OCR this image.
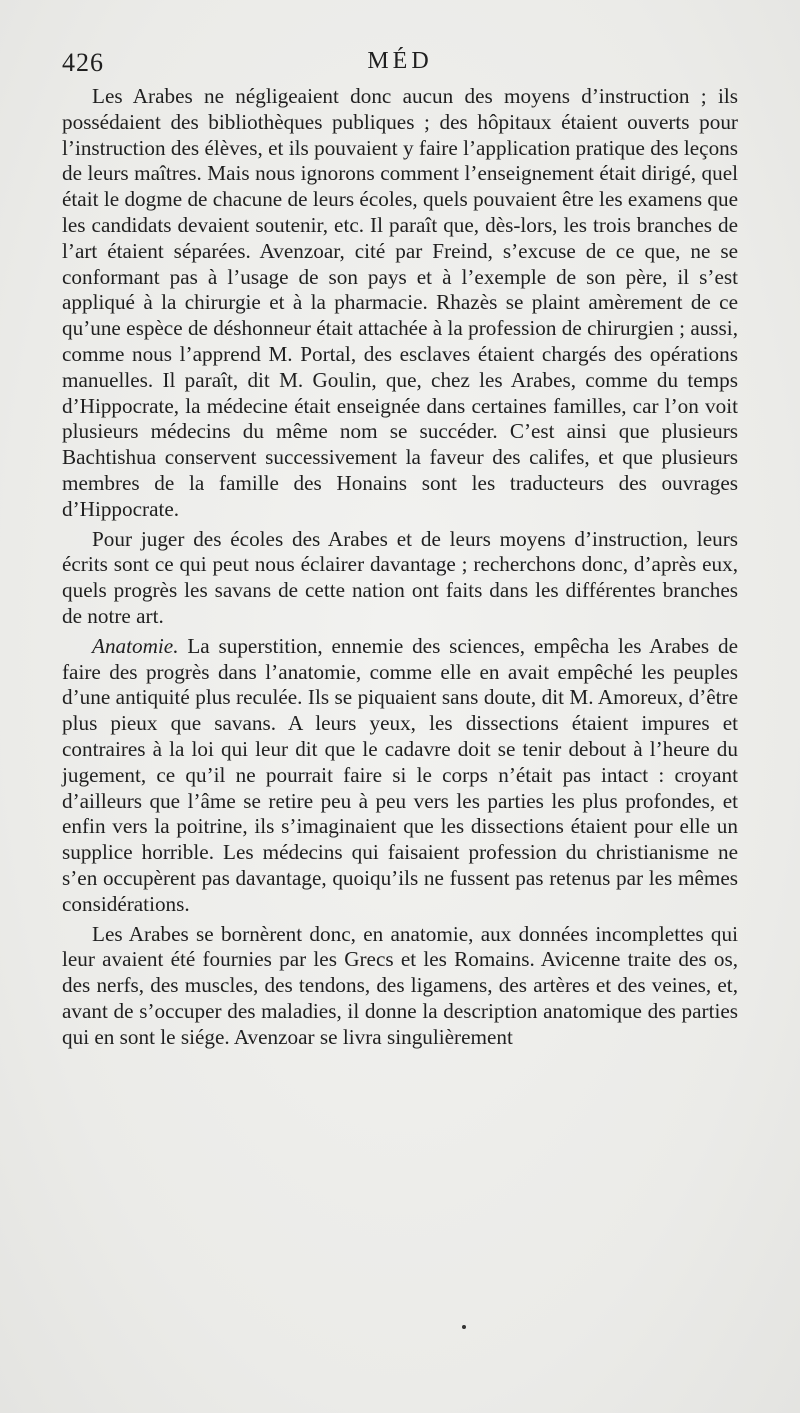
426	MÉD

Les Arabes ne négligeaient donc aucun des moyens d’instruction ; ils possédaient des bibliothèques publiques ; des hôpitaux étaient ouverts pour l’instruction des élèves, et ils pouvaient y faire l’application pratique des leçons de leurs maîtres. Mais nous ignorons comment l’enseignement était dirigé, quel était le dogme de chacune de leurs écoles, quels pouvaient être les examens que les candidats devaient soutenir, etc. Il paraît que, dès-lors, les trois branches de l’art étaient séparées. Avenzoar, cité par Freind, s’excuse de ce que, ne se conformant pas à l’usage de son pays et à l’exemple de son père, il s’est appliqué à la chirurgie et à la pharmacie. Rhazès se plaint amèrement de ce qu’une espèce de déshonneur était attachée à la profession de chirurgien ; aussi, comme nous l’apprend M. Portal, des esclaves étaient chargés des opérations manuelles. Il paraît, dit M. Goulin, que, chez les Arabes, comme du temps d’Hippocrate, la médecine était enseignée dans certaines familles, car l’on voit plusieurs médecins du même nom se succéder. C’est ainsi que plusieurs Bachtishua conservent successivement la faveur des califes, et que plusieurs membres de la famille des Honains sont les traducteurs des ouvrages d’Hippocrate.

Pour juger des écoles des Arabes et de leurs moyens d’instruction, leurs écrits sont ce qui peut nous éclairer davantage ; recherchons donc, d’après eux, quels progrès les savans de cette nation ont faits dans les différentes branches de notre art.

Anatomie. La superstition, ennemie des sciences, empêcha les Arabes de faire des progrès dans l’anatomie, comme elle en avait empêché les peuples d’une antiquité plus reculée. Ils se piquaient sans doute, dit M. Amoreux, d’être plus pieux que savans. A leurs yeux, les dissections étaient impures et contraires à la loi qui leur dit que le cadavre doit se tenir debout à l’heure du jugement, ce qu’il ne pourrait faire si le corps n’était pas intact : croyant d’ailleurs que l’âme se retire peu à peu vers les parties les plus profondes, et enfin vers la poitrine, ils s’imaginaient que les dissections étaient pour elle un supplice horrible. Les médecins qui faisaient profession du christianisme ne s’en occupèrent pas davantage, quoiqu’ils ne fussent pas retenus par les mêmes considérations.

Les Arabes se bornèrent donc, en anatomie, aux données incomplettes qui leur avaient été fournies par les Grecs et les Romains. Avicenne traite des os, des nerfs, des muscles, des tendons, des ligamens, des artères et des veines, et, avant de s’occuper des maladies, il donne la description anatomique des parties qui en sont le siége. Avenzoar se livra singulièrement
